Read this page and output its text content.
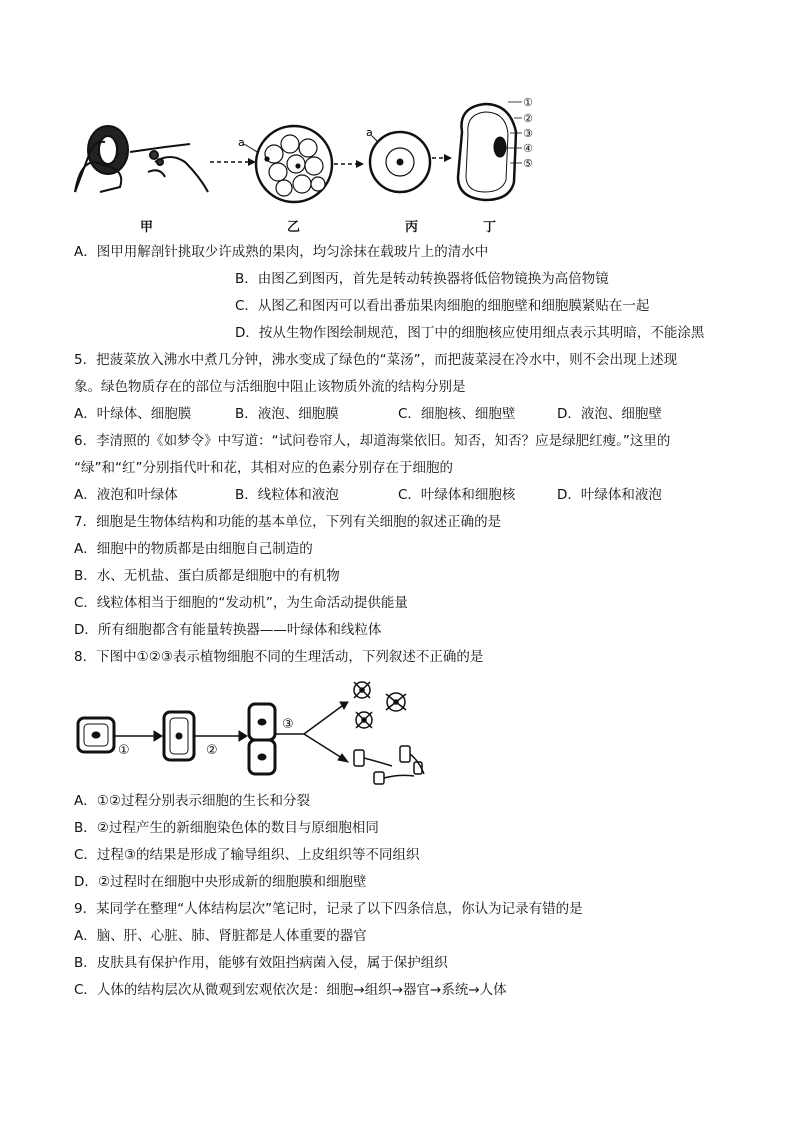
a
a
①
②
③
④
⑤
甲	乙	丙	丁
A．图甲用解剖针挑取少许成熟的果肉，均匀涂抹在载玻片上的清水中
B．由图乙到图丙，首先是转动转换器将低倍物镜换为高倍物镜
C．从图乙和图丙可以看出番茄果肉细胞的细胞壁和细胞膜紧贴在一起
D．按从生物作图绘制规范，图丁中的细胞核应使用细点表示其明暗，不能涂黑
5．把菠菜放入沸水中煮几分钟，沸水变成了绿色的“菜汤”，而把菠菜浸在冷水中，则不会出现上述现
象。绿色物质存在的部位与活细胞中阻止该物质外流的结构分别是
A．叶绿体、细胞膜	B．液泡、细胞膜	C．细胞核、细胞壁	D．液泡、细胞壁
6．李清照的《如梦令》中写道：“试问卷帘人，却道海棠依旧。知否，知否？应是绿肥红瘦。”这里的
“绿”和“红”分别指代叶和花，其相对应的色素分别存在于细胞的
A．液泡和叶绿体	B．线粒体和液泡	C．叶绿体和细胞核	D．叶绿体和液泡
7．细胞是生物体结构和功能的基本单位，下列有关细胞的叙述正确的是
A．细胞中的物质都是由细胞自己制造的
B．水、无机盐、蛋白质都是细胞中的有机物
C．线粒体相当于细胞的“发动机”，为生命活动提供能量
D．所有细胞都含有能量转换器——叶绿体和线粒体
8．下图中①②③表示植物细胞不同的生理活动，下列叙述不正确的是
①	②
③
A．①②过程分别表示细胞的生长和分裂
B．②过程产生的新细胞染色体的数目与原细胞相同
C．过程③的结果是形成了输导组织、上皮组织等不同组织
D．②过程时在细胞中央形成新的细胞膜和细胞壁
9．某同学在整理“人体结构层次”笔记时，记录了以下四条信息，你认为记录有错的是
A．脑、肝、心脏、肺、肾脏都是人体重要的器官
B．皮肤具有保护作用，能够有效阻挡病菌入侵，属于保护组织
C．人体的结构层次从微观到宏观依次是：细胞→组织→器官→系统→人体
